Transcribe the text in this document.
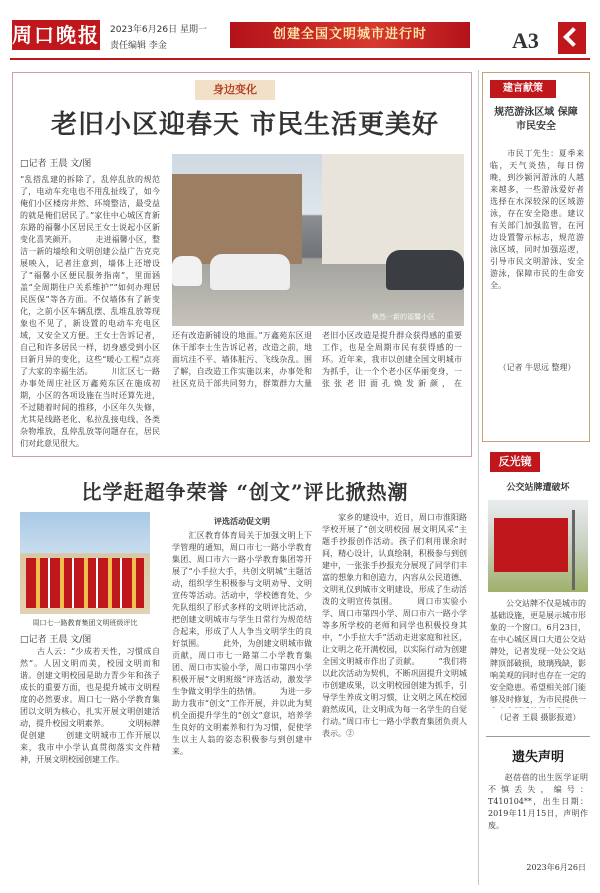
周口晚报 2023年6月26日 星期一
责任编辑 李金
创建全国文明城市进行时	A3
身边变化
老旧小区迎春天 市民生活更美好
□记者 王晨 文/图
“乱搭乱建的拆除了，乱停乱放的规范了，电动车充电也不用乱扯线了，如今俺们小区楼房井然、环境整洁，最受益的就是俺们居民了。”家住中心城区育新东路的福馨小区居民王女士说起小区新变化喜笑颜开。 　　走进福馨小区，整洁一新的墙绘和文明创建公益广告克克展映入，记者注意到，墙体上还增设了“福馨小区便民服务指南”，里面涵盖“全周期住户关系维护”“如何办理居民医保”等各方面。不仅墙体有了新变化，之前小区车辆乱摆、乱堆乱放等现象也不见了，新设置的电动车充电区域，又安全又方便。王女士告诉记者，自己和许多居民一样，切身感受到小区日新月异的变化，这些“暖心工程”点亮了大家的幸福生活。 　　川汇区七一路办事处周庄社区万鑫苑东区在施成初期，小区的各项设施在当时还算先进，不过随着时间的推移，小区年久失修，尤其是线路老化、私拉乱接电线、各类杂物堆放，乱停乱放等问题存在，居民们对此意见很大。
焕然一新的福馨小区
还有改造新铺设的地面。”万鑫苑东区退休干部李士生告诉记者，改造之前，地面坑洼不平、墙体脏污、飞线杂乱。围了解，自改造工作实施以来，办事处和社区克员干部共同努力，群策群力大量
老旧小区改造是提升群众获得感的重要工作，也是全周期市民有获得感的一环。近年来，我市以创建全国文明城市为抓手，让一个个老小区华丽变身，一张张老旧面孔焕发新颜，在
建言献策
规范游泳区域 保障市民安全
　　市民丁先生：夏季来临，天气炎热，每日傍晚，到沙颍河游泳的人越来越多，一些游泳爱好者选择在水深较深的区域游泳，存在安全隐患。建议有关部门加强监管，在河边设置警示标志，规范游泳区域，同时加强巡逻，引导市民文明游泳、安全游泳，保障市民的生命安全。
（记者 牛思远 整理）
比学赶超争荣誉 “创文”评比掀热潮
周口七一路教育集团文明班级评比
□记者 王晨 文/图
　　古人云：“少成若天性，习惯成自然”。人因文明而美，校园文明而和谐。创建文明校园是助力青少年和孩子成长的重要方面，也是提升城市文明程度的必然要求。周口七一路小学教育集团以文明为核心，扎实开展文明创建活动，提升校园文明素养。 　　文明标牌促创建 　　创建文明城市工作开展以来，我市中小学认真贯彻落实文件精神，开展文明校园创建工作。
评选活动促文明
　　汇区教育体育局关于加强文明上下学管理的通知，周口市七一路小学教育集团、周口市六一路小学教育集团等开展了“小手拉大手，共创文明城”主题活动，组织学生积极参与文明劝导、文明宣传等活动。活动中，学校德育处、少先队组织了形式多样的文明评比活动，把创建文明城市与学生日常行为规范结合起来，形成了人人争当文明学生的良好氛围。 　　此外，为创建文明城市做贡献，周口市七一路第二小学教育集团、周口市实验小学，周口市第四小学积极开展“文明班级”评选活动，激发学生争做文明学生的热情。 　　为进一步助力我市“创文”工作开展，并以此为契机全面提升学生的“创文”意识，培养学生良好的文明素养和行为习惯，促使学生以主人翁的姿态积极参与到创建中来。
　　家乡的建设中，近日，周口市淮阳路学校开展了“创文明校园 展文明风采”主题手抄报创作活动。孩子们利用课余时间，精心设计，认真绘制，积极参与到创建中，一张张手抄报充分展现了同学们丰富的想象力和创造力，内容从公民道德、文明礼仪到城市文明建设，形成了生动活泼的文明宣传氛围。 　　周口市实验小学、周口市第四小学、周口市六一路小学等多所学校的老师和同学也积极投身其中，“小手拉大手”活动走进家庭和社区，让文明之花开满校园，以实际行动为创建全国文明城市作出了贡献。 　　“我们将以此次活动为契机，不断巩固提升文明城市创建成果，以文明校园创建为抓手，引导学生养成文明习惯，让文明之风在校园蔚然成风，让文明成为每一名学生的自觉行动。”周口市七一路小学教育集团负责人表示。②
反光镜
公交站牌遭破坏
　　公交站牌不仅是城市的基础设施，更是展示城市形象的一个窗口。6月23日，在中心城区周口大道公交站牌处，记者发现一处公交站牌顶部破损，玻璃残缺，影响美观的同时也存在一定的安全隐患。希望相关部门能够及时修复，为市民提供一
（记者 王晨 摄影报道）
遗失声明
　　赵蓓蓓的出生医学证明不慎丢失，编号：T410104**，出生日期：2019年11月15日，声明作废。
2023年6月26日
